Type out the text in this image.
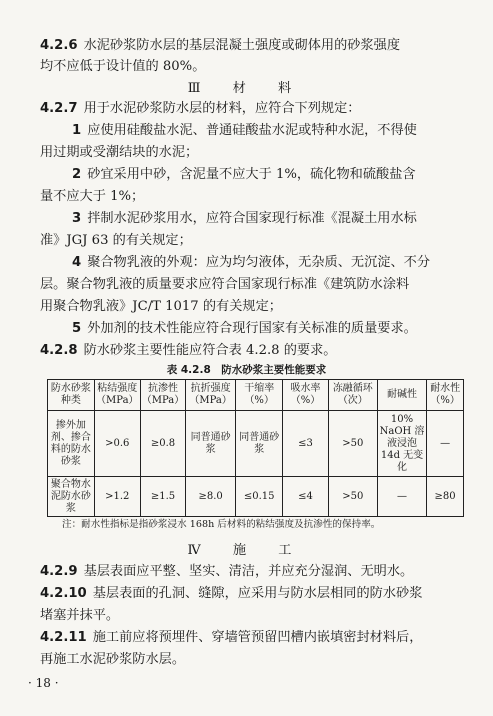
4.2.6 水泥砂浆防水层的基层混凝土强度或砌体用的砂浆强度
均不应低于设计值的 80%。
Ⅲ 材 料
4.2.7 用于水泥砂浆防水层的材料，应符合下列规定：
1 应使用硅酸盐水泥、普通硅酸盐水泥或特种水泥，不得使
用过期或受潮结块的水泥；
2 砂宜采用中砂，含泥量不应大于 1%，硫化物和硫酸盐含
量不应大于 1%；
3 拌制水泥砂浆用水，应符合国家现行标准《混凝土用水标
准》JGJ 63 的有关规定；
4 聚合物乳液的外观：应为均匀液体，无杂质、无沉淀、不分
层。聚合物乳液的质量要求应符合国家现行标准《建筑防水涂料
用聚合物乳液》JC/T 1017 的有关规定；
5 外加剂的技术性能应符合现行国家有关标准的质量要求。
4.2.8 防水砂浆主要性能应符合表 4.2.8 的要求。
表 4.2.8　防水砂浆主要性能要求
防水砂浆种类	粘结强度（MPa）	抗渗性（MPa）	抗折强度（MPa）	干缩率（%）	吸水率（%）	冻融循环（次）	耐碱性	耐水性（%）
掺外加剂、掺合料的防水砂浆	>0.6	≥0.8	同普通砂浆	同普通砂浆	≤3	>50	10% NaOH 溶液浸泡 14d 无变化	—
聚合物水泥防水砂浆	>1.2	≥1.5	≥8.0	≤0.15	≤4	>50	—	≥80
注：耐水性指标是指砂浆浸水 168h 后材料的粘结强度及抗渗性的保持率。
Ⅳ 施 工
4.2.9 基层表面应平整、坚实、清洁，并应充分湿润、无明水。
4.2.10 基层表面的孔洞、缝隙，应采用与防水层相同的防水砂浆
堵塞并抹平。
4.2.11 施工前应将预埋件、穿墙管预留凹槽内嵌填密封材料后，
再施工水泥砂浆防水层。
· 18 ·
